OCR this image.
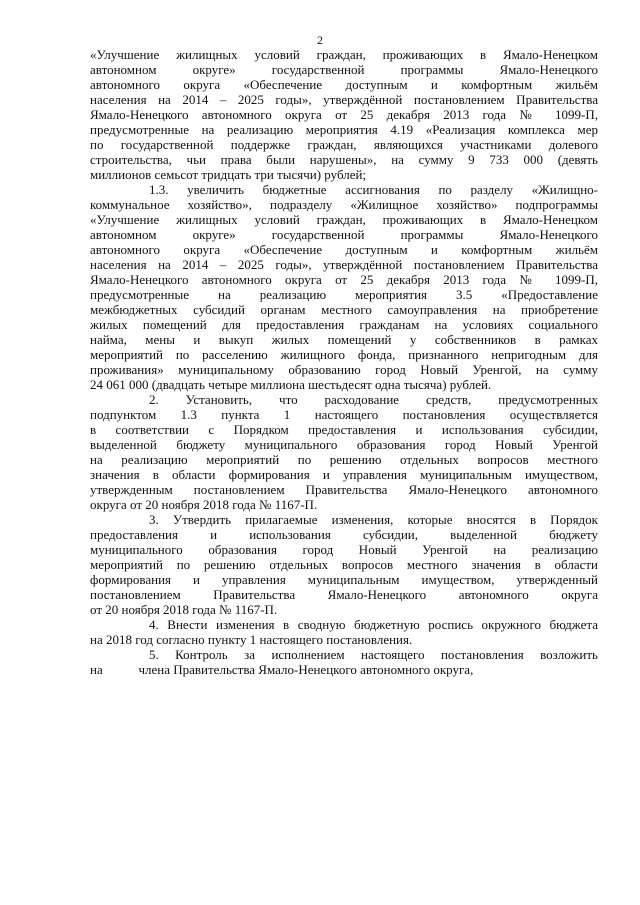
2
«Улучшение жилищных условий граждан, проживающих в Ямало-Ненецком
автономном округе» государственной программы Ямало-Ненецкого
автономного округа «Обеспечение доступным и комфортным жильём
населения на 2014 – 2025 годы», утверждённой постановлением Правительства
Ямало-Ненецкого автономного округа от 25 декабря 2013 года № 1099-П,
предусмотренные на реализацию мероприятия 4.19 «Реализация комплекса мер
по государственной поддержке граждан, являющихся участниками долевого
строительства, чьи права были нарушены», на сумму 9 733 000 (девять
миллионов семьсот тридцать три тысячи) рублей;
1.3. увеличить бюджетные ассигнования по разделу «Жилищно-
коммунальное хозяйство», подразделу «Жилищное хозяйство» подпрограммы
«Улучшение жилищных условий граждан, проживающих в Ямало-Ненецком
автономном округе» государственной программы Ямало-Ненецкого
автономного округа «Обеспечение доступным и комфортным жильём
населения на 2014 – 2025 годы», утверждённой постановлением Правительства
Ямало-Ненецкого автономного округа от 25 декабря 2013 года № 1099-П,
предусмотренные на реализацию мероприятия 3.5 «Предоставление
межбюджетных субсидий органам местного самоуправления на приобретение
жилых помещений для предоставления гражданам на условиях социального
найма, мены и выкуп жилых помещений у собственников в рамках
мероприятий по расселению жилищного фонда, признанного непригодным для
проживания» муниципальному образованию город Новый Уренгой, на сумму
24 061 000 (двадцать четыре миллиона шестьдесят одна тысяча) рублей.
2. Установить, что расходование средств, предусмотренных
подпунктом 1.3 пункта 1 настоящего постановления осуществляется
в соответствии с Порядком предоставления и использования субсидии,
выделенной бюджету муниципального образования город Новый Уренгой
на реализацию мероприятий по решению отдельных вопросов местного
значения в области формирования и управления муниципальным имуществом,
утвержденным постановлением Правительства Ямало-Ненецкого автономного
округа от 20 ноября 2018 года № 1167-П.
3. Утвердить прилагаемые изменения, которые вносятся в Порядок
предоставления и использования субсидии, выделенной бюджету
муниципального образования город Новый Уренгой на реализацию
мероприятий по решению отдельных вопросов местного значения в области
формирования и управления муниципальным имуществом, утвержденный
постановлением Правительства Ямало-Ненецкого автономного округа
от 20 ноября 2018 года № 1167-П.
4. Внести изменения в сводную бюджетную роспись окружного бюджета
на 2018 год согласно пункту 1 настоящего постановления.
5. Контроль за исполнением настоящего постановления возложить
на           члена Правительства Ямало-Ненецкого автономного округа,
